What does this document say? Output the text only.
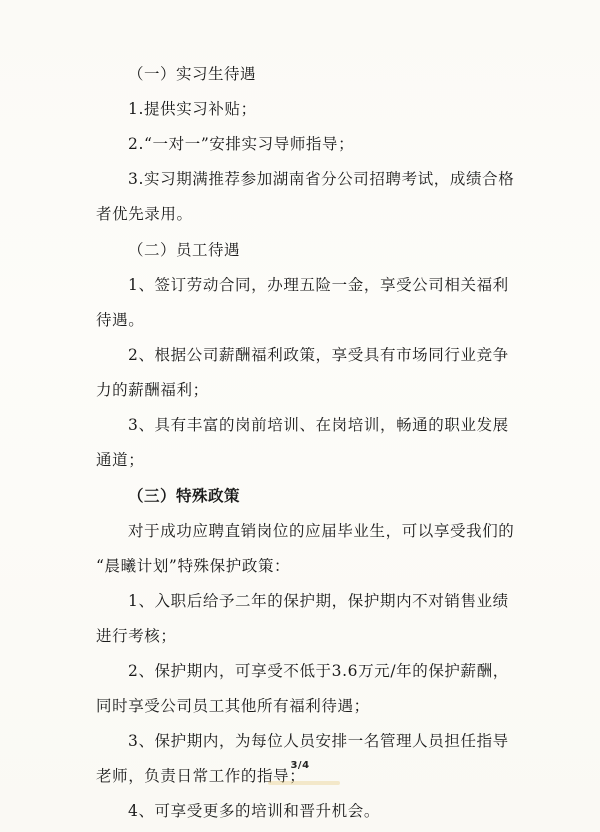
（一）实习生待遇
1.提供实习补贴；
2.“一对一”安排实习导师指导；
3.实习期满推荐参加湖南省分公司招聘考试，成绩合格
者优先录用。
（二）员工待遇
1、签订劳动合同，办理五险一金，享受公司相关福利
待遇。
2、根据公司薪酬福利政策，享受具有市场同行业竞争
力的薪酬福利；
3、具有丰富的岗前培训、在岗培训，畅通的职业发展
通道；
（三）特殊政策
对于成功应聘直销岗位的应届毕业生，可以享受我们的
“晨曦计划”特殊保护政策：
1、入职后给予二年的保护期，保护期内不对销售业绩
进行考核；
2、保护期内，可享受不低于3.6万元/年的保护薪酬，
同时享受公司员工其他所有福利待遇；
3、保护期内，为每位人员安排一名管理人员担任指导
老师，负责日常工作的指导；
4、可享受更多的培训和晋升机会。
3/4
